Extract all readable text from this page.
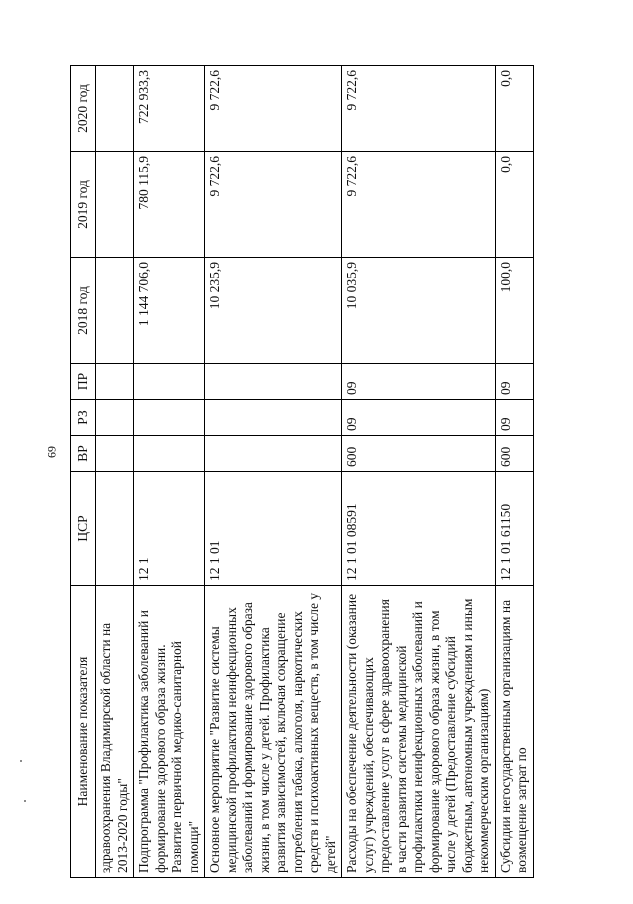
69
Наименование показателя	ЦСР	ВР	РЗ	ПР	2018 год	2019 год	2020 год
здравоохранения Владимирской области на 2013-2020 годы"							
Подпрограмма "Профилактика заболеваний и формирование здорового образа жизни. Развитие первичной медико-санитарной помощи"	12 1				1 144 706,0	780 115,9	722 933,3
Основное мероприятие "Развитие системы медицинской профилактики неинфекционных заболеваний и формирование здорового образа жизни, в том числе у детей. Профилактика развития зависимостей, включая сокращение потребления табака, алкоголя, наркотических средств и психоактивных веществ, в том числе у детей"	12 1 01				10 235,9	9 722,6	9 722,6
Расходы на обеспечение деятельности (оказание услуг) учреждений, обеспечивающих предоставление услуг в сфере здравоохранения в части развития системы медицинской профилактики неинфекционных заболеваний и формирование здорового образа жизни, в том числе у детей (Предоставление субсидий бюджетным, автономным учреждениям и иным некоммерческим организациям)	12 1 01 08591	600	09	09	10 035,9	9 722,6	9 722,6
Субсидии негосударственным организациям на возмещение затрат по	12 1 01 61150	600	09	09	100,0	0,0	0,0
